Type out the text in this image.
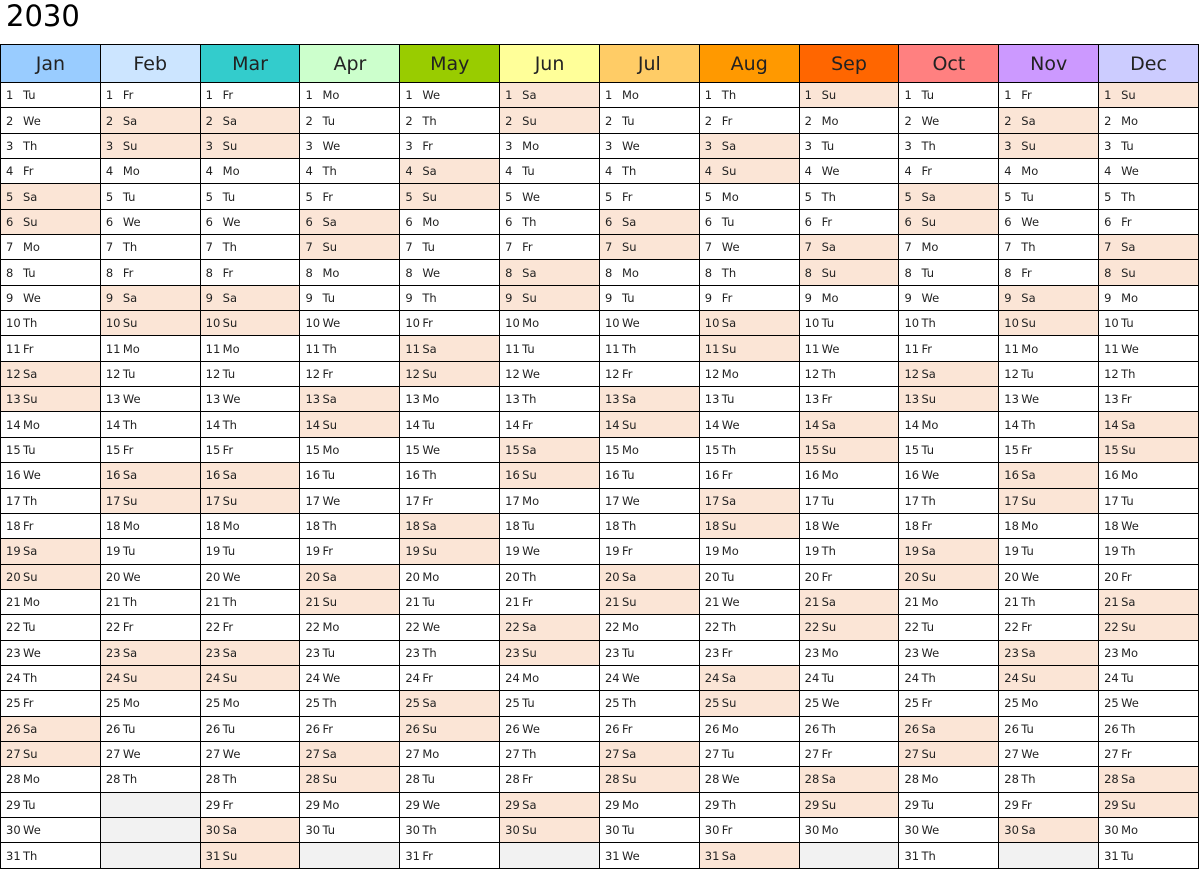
2030
Jan	Feb	Mar	Apr	May	Jun	Jul	Aug	Sep	Oct	Nov	Dec
1 Tu	1 Fr	1 Fr	1 Mo	1 We	1 Sa	1 Mo	1 Th	1 Su	1 Tu	1 Fr	1 Su
2 We	2 Sa	2 Sa	2 Tu	2 Th	2 Su	2 Tu	2 Fr	2 Mo	2 We	2 Sa	2 Mo
3 Th	3 Su	3 Su	3 We	3 Fr	3 Mo	3 We	3 Sa	3 Tu	3 Th	3 Su	3 Tu
4 Fr	4 Mo	4 Mo	4 Th	4 Sa	4 Tu	4 Th	4 Su	4 We	4 Fr	4 Mo	4 We
5 Sa	5 Tu	5 Tu	5 Fr	5 Su	5 We	5 Fr	5 Mo	5 Th	5 Sa	5 Tu	5 Th
6 Su	6 We	6 We	6 Sa	6 Mo	6 Th	6 Sa	6 Tu	6 Fr	6 Su	6 We	6 Fr
7 Mo	7 Th	7 Th	7 Su	7 Tu	7 Fr	7 Su	7 We	7 Sa	7 Mo	7 Th	7 Sa
8 Tu	8 Fr	8 Fr	8 Mo	8 We	8 Sa	8 Mo	8 Th	8 Su	8 Tu	8 Fr	8 Su
9 We	9 Sa	9 Sa	9 Tu	9 Th	9 Su	9 Tu	9 Fr	9 Mo	9 We	9 Sa	9 Mo
10 Th	10 Su	10 Su	10 We	10 Fr	10 Mo	10 We	10 Sa	10 Tu	10 Th	10 Su	10 Tu
11 Fr	11 Mo	11 Mo	11 Th	11 Sa	11 Tu	11 Th	11 Su	11 We	11 Fr	11 Mo	11 We
12 Sa	12 Tu	12 Tu	12 Fr	12 Su	12 We	12 Fr	12 Mo	12 Th	12 Sa	12 Tu	12 Th
13 Su	13 We	13 We	13 Sa	13 Mo	13 Th	13 Sa	13 Tu	13 Fr	13 Su	13 We	13 Fr
14 Mo	14 Th	14 Th	14 Su	14 Tu	14 Fr	14 Su	14 We	14 Sa	14 Mo	14 Th	14 Sa
15 Tu	15 Fr	15 Fr	15 Mo	15 We	15 Sa	15 Mo	15 Th	15 Su	15 Tu	15 Fr	15 Su
16 We	16 Sa	16 Sa	16 Tu	16 Th	16 Su	16 Tu	16 Fr	16 Mo	16 We	16 Sa	16 Mo
17 Th	17 Su	17 Su	17 We	17 Fr	17 Mo	17 We	17 Sa	17 Tu	17 Th	17 Su	17 Tu
18 Fr	18 Mo	18 Mo	18 Th	18 Sa	18 Tu	18 Th	18 Su	18 We	18 Fr	18 Mo	18 We
19 Sa	19 Tu	19 Tu	19 Fr	19 Su	19 We	19 Fr	19 Mo	19 Th	19 Sa	19 Tu	19 Th
20 Su	20 We	20 We	20 Sa	20 Mo	20 Th	20 Sa	20 Tu	20 Fr	20 Su	20 We	20 Fr
21 Mo	21 Th	21 Th	21 Su	21 Tu	21 Fr	21 Su	21 We	21 Sa	21 Mo	21 Th	21 Sa
22 Tu	22 Fr	22 Fr	22 Mo	22 We	22 Sa	22 Mo	22 Th	22 Su	22 Tu	22 Fr	22 Su
23 We	23 Sa	23 Sa	23 Tu	23 Th	23 Su	23 Tu	23 Fr	23 Mo	23 We	23 Sa	23 Mo
24 Th	24 Su	24 Su	24 We	24 Fr	24 Mo	24 We	24 Sa	24 Tu	24 Th	24 Su	24 Tu
25 Fr	25 Mo	25 Mo	25 Th	25 Sa	25 Tu	25 Th	25 Su	25 We	25 Fr	25 Mo	25 We
26 Sa	26 Tu	26 Tu	26 Fr	26 Su	26 We	26 Fr	26 Mo	26 Th	26 Sa	26 Tu	26 Th
27 Su	27 We	27 We	27 Sa	27 Mo	27 Th	27 Sa	27 Tu	27 Fr	27 Su	27 We	27 Fr
28 Mo	28 Th	28 Th	28 Su	28 Tu	28 Fr	28 Su	28 We	28 Sa	28 Mo	28 Th	28 Sa
29 Tu		29 Fr	29 Mo	29 We	29 Sa	29 Mo	29 Th	29 Su	29 Tu	29 Fr	29 Su
30 We		30 Sa	30 Tu	30 Th	30 Su	30 Tu	30 Fr	30 Mo	30 We	30 Sa	30 Mo
31 Th		31 Su		31 Fr		31 We	31 Sa		31 Th		31 Tu
